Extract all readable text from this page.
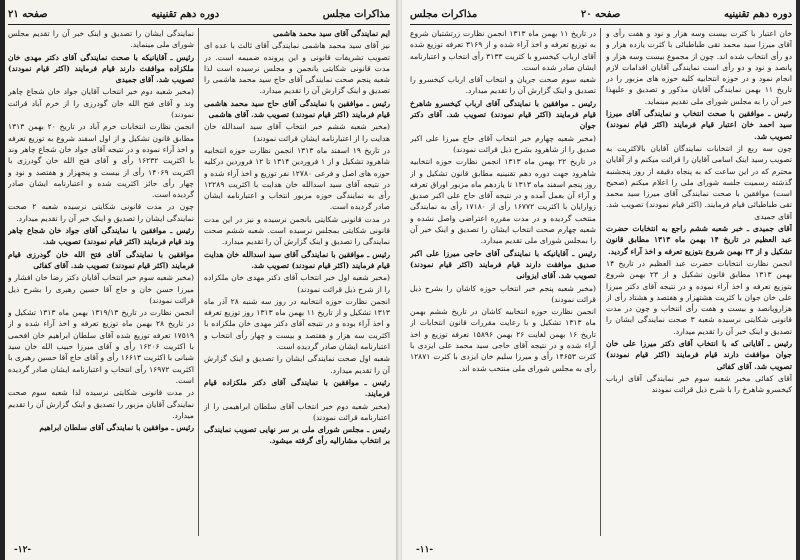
مذاکرات مجلس
دوره دهم تقنینیه
صفحه ۲۱

ایم نمایندگی آقای سید محمد هاشمی

نیز آقای سید محمد هاشمی نمایندگی آقای ثالث با عده ای تصویب تشریفات قانونی و این پرونده ضمیمه است. در مدت قانونی شکایتی بانجمن و مجلس نرسیده است لذا شعبه پنجم صحت نمایندگی آقای حاج سید محمد هاشمی را تصدیق و اینک گزارش آن را تقدیم میدارد.

رئیس ـ موافقین با نمایندگی آقای حاج سید محمد هاشمی قیام فرمایند (اکثر قیام نمودند) تصویب شد. آقای هاشمی

(مخبر شعبه ششم خبر انتخاب آقای سید اسدالله خان هدایت را از اعتبارنامه ایشان قرائت نمودند)

در تاریخ ۱۹ اسفند ماه ۱۳۱۳ انجمن نظارت حوزه انتخابیه شاهرود تشکیل و از ۱ فروردین ۱۳۱۴ تا ۱۲ فروردین درکلیه حوزه های اصل و فرعی ۱۲۷۸۰ نفر توزیع و اخذ آراء شده و در نتیجه آقای سید اسدالله خان هدایت با اکثریت ۱۲۲۸۹ رأی به نمایندگی حوزه مزبور انتخاب و اعتبارنامه ایشان صادر گردیده است.

در مدت قانونی شکایتی بانجمن نرسیده و نیز در این مدت قانونی شکایتی بمجلس نرسیده است. شعبه ششم صحت نمایندگی را تصدیق و اینک گزارش آن را تقدیم میدارد.

رئیس ـ موافقین با نمایندگی آقای سید اسدالله خان هدایت قیام فرمایند (اکثر قیام نمودند) تصویب شد.

(مخبر شعبه اول خبر انتخاب آقای دکتر مهدی خان ملکزاده را از شرح ذیل قرائت نمودند)

انجمن نظارت حوزه انتخابیه در روز سه شنبه ۲۸ آذر ماه ۱۳۱۳ تشکیل و از تاریخ ۱۱ بهمن ماه ۱۳۱۳ روز توزیع تعرفه و اخذ آراء بوده و در نتیجه آقای دکتر مهدی خان ملکزاده با اکثریت سه هزار و هفتصد و بیست و چهار رأی انتخاب و اعتبارنامه ایشان صادر گردیده است.

شعبه اول صحت نمایندگی ایشان را تصدیق و اینک گزارش آن را تقدیم میدارد.

رئیس ـ موافقین با نمایندگی آقای دکتر ملکزاده قیام فرمایند.

(مخبر شعبه دوم خبر انتخاب آقای سلطان ابراهیمی را از اعتبارنامه قرائت نمودند)

رئیس ـ مجلس شورای ملی بر سر نهایی تصویب نمایندگی بر انتخاب مشارالیه رأی گرفته میشود.

نمایندگی ایشان را تصدیق و اینک خبر آن را تقدیم مجلس شورای ملی مینماید.

رئیس ـ آقایانیکه با صحت نمایندگی آقای دکتر مهدی خان ملکزاده موافقت دارند قیام فرمایند (اکثر قیام نمودند) تصویب شد. آقای جمیدی

(مخبر شعبه دوم خبر انتخاب آقایان جواد خان شجاع چاهر وند و آقای فتح الله خان گودرزی را از خرم آباد قرائت نمودند)

انجمن نظارت انتخابات خرم آباد در تاریخ ۲۰ بهمن ۱۳۱۳ مطابق قانون تشکیل و از اول اسفند شروع به توزیع تعرفه و اخذ آراء نموده و در نتیجه آقای جواد خان شجاع چاهر وند با اکثریت ۱۶۲۳۲ رأی و آقای فتح الله خان گودرزی با اکثریت ۱۴۰۶۹ رأی از بیست و پنجهزار و هفتصد و نود و چهار رأی حائز اکثریت شده و اعتبارنامه ایشان صادر گردیده است.

چون در مدت قانونی شکایتی نرسیده شعبه ۲ صحت نمایندگی ایشان را تصدیق و اینک خبر آن را تقدیم میدارد.

رئیس ـ موافقین با نمایندگی آقای جواد خان شجاع چاهر وند قیام فرمایند (اکثر قیام نمودند) تصویب شد.

موافقین با نمایندگی آقای فتح الله خان گودرزی قیام فرمایند (اکثر قیام نمودند) تصویب شد. آقای کفائی

(مخبر شعبه سوم خبر انتخاب آقایان دکتر رضا خان افشار و میرزا حسن خان و حاج آقا حسین رهبری را بشرح ذیل قرائت نمودند)

انجمن نظارت در تاریخ ۱۳۱۹/۱۳ بهمن ماه ۱۳۱۳ تشکیل و در تاریخ ۲۸ بهمن ماه توزیع تعرفه و اخذ آراء شده و از ۱۷۵۱۹ تعرفه توزیع شده آقای سلطان ابراهیم خان افخمی با اکثریت ۱۶۲۰۶ رأی و آقای میرزا حبیب الله خان سید شبانی با اکثریت ۱۶۶۱۳ رأی و آقای حاج آقا حسین رهبری با اکثریت ۱۶۹۷۲ رأی انتخاب و اعتبارنامه ایشان صادر گردیده است.

در مدت قانونی شکایتی نرسیده لذا شعبه سوم صحت نمایندگی آقایان مزبور را تصدیق و اینک گزارش آن را تقدیم میدارد.

رئیس ـ موافقین با نمایندگی آقای سلطان ابراهیم

-۱۲-
دوره دهم تقنینیه
صفحه ۲۰
مذاکرات مجلس

خان اعتبار با کثرت بیست وسه هزار و نود و هفت رأی و آقای میرزا سید محمد تقی طباطبائی با کثرت یازده هزار و دو رأی انتخاب شده اند. چون از مجموع بیست وسه هزار و پانصد و نود و دو رأی است نمایندگی آقایان اقدامات لازم انجام نمود و در حوزه انتخابیه کلیه حوزه های مزبور را در تاریخ ۱۱ بهمن نمایندگی آقایان مذکور و تصدیق و علیهذا خبر آن را به مجلس شورای ملی تقدیم مینماید.

رئیس ـ موافقین با صحت انتخاب و نمایندگی آقای میرزا سید احمد خان اعتبار قیام فرمایند (اکثر قیام نمودند) تصویب شد.

چون سه ربع از انتخابات نمایندگان آقایان بالاکثریت به تصویب رسید اینک اسامی آقایان را قرائت میکنم و از آقایان محترم که در این ساعت که به پنجاه دقیقه از روز پنجشنبه گذشته رسمیت جلسه شورای ملی را اعلام میکنم (صحیح است) موافقین با صحت نمایندگی آقای میرزا سید محمد تقی طباطبائی قیام فرمایند. (اکثر قیام نمودند) تصویب شد. آقای جمیدی

آقای جمیدی ـ خبر شعبه ششم راجع به انتخابات حضرت عبد العظیم در تاریخ ۱۴ بهمن ماه ۱۳۱۳ مطابق قانون تشکیل و از ۲۳ بهمن شروع بتوزیع تعرفه و اخذ آراء گردید.

انجمن نظارت انتخابات حضرت عبد العظیم در تاریخ ۱۴ بهمن ۱۳۱۳ مطابق قانون تشکیل و از ۲۳ بهمن شروع بتوزیع تعرفه و اخذ آراء نموده و در نتیجه آقای دکتر میرزا علی خان جوان با کثریت هشتهزار و هفتصد و هشتاد رأی از هزاروپانصد و بیست و هفت رأی انتخاب و چون در مدت قانونی شکایتی نرسیده شعبه ۳ صحت نمایندگی ایشان را تصدیق و اینک خبر آن را تقدیم میدارد.

رئیس ـ آقایانی که با انتخاب آقای دکتر میرزا علی خان جوان موافقت دارند قیام فرمایند (اکثر قیام نمودند) تصویب شد. آقای کفائی

آقای کفائی مخبر شعبه سوم خبر نمایندگی آقای ارباب کیخسرو شاهرخ را با شرح ذیل قرائت نمودند

در تاریخ ۱۱ بهمن ماه ۱۳۱۳ انجمن نظارت زرتشتیان شروع به توزیع تعرفه و اخذ آراء شده و از ۳۱۶۹ تعرفه توزیع شده آقای ارباب کیخسرو با کثریت ۳۱۳۳ رأی انتخاب و اعتبارنامه ایشان صادر شده است.

شعبه سوم صحت جریان و انتخاب آقای ارباب کیخسرو را تصدیق و اینک گزارش آن را تقدیم میدارد.

رئیس ـ موافقین با نمایندگی آقای ارباب کیخسرو شاهرخ قیام فرمایند (اکثر قیام نمودند) تصویب شد. آقای دکتر جوان

(مخبر شعبه چهارم خبر انتخاب آقای حاج میرزا علی اکبر صدیق را از شاهرود بشرح ذیل قرائت نمودند)

در تاریخ ۲۲ بهمن ماه ۱۳۱۳ انجمن نظارت حوزه انتخابیه شاهرود جهت دوره دهم تقنینیه مطابق قانون تشکیل و از روز پنجم اسفند ماه ۱۳۱۳ تا یازدهم ماه مزبور اوراق تعرفه و آراء آن بعمل آمده و در نتیجه آقای حاج علی اکبر صدیق زوارایان با اکثریت ۱۶۷۷۲ رأی از ۱۷۱۸۰ رأی به نمایندگی منتخب گردیده و در مدت مقرره اعتراضی واصل نشده و شعبه چهارم صحت انتخاب ایشان را تصدیق و اینک خبر آن را بمجلس شورای ملی تقدیم میدارد.

رئیس ـ آقایانیکه با نمایندگی آقای حاجی میرزا علی اکبر صدیق موافقت دارند قیام فرمایند (اکثر قیام نمودند) تصویب شد. آقای ایزوانی

(مخبر شعبه پنجم خبر انتخاب حوزه کاشان را بشرح ذیل قرائت نمودند)

انجمن نظارت حوزه انتخابیه کاشان در تاریخ ششم بهمن ماه ۱۳۱۳ تشکیل و با رعایت مقررات قانون انتخابات از تاریخ ۱۶ بهمن لغایت ۲۶ بهمن ۱۵۸۹۶ تعرفه توزیع و اخذ آراء شده و در نتیجه آقای حاجی سید محمد علی ایزدی با کثرت ۱۴۶۵۳ رأی و میرزا سلیم خان ایزدی با کثرت ۱۲۸۷۱ رأی به مجلس شورای ملی منتخب شده اند.

-۱۱-
